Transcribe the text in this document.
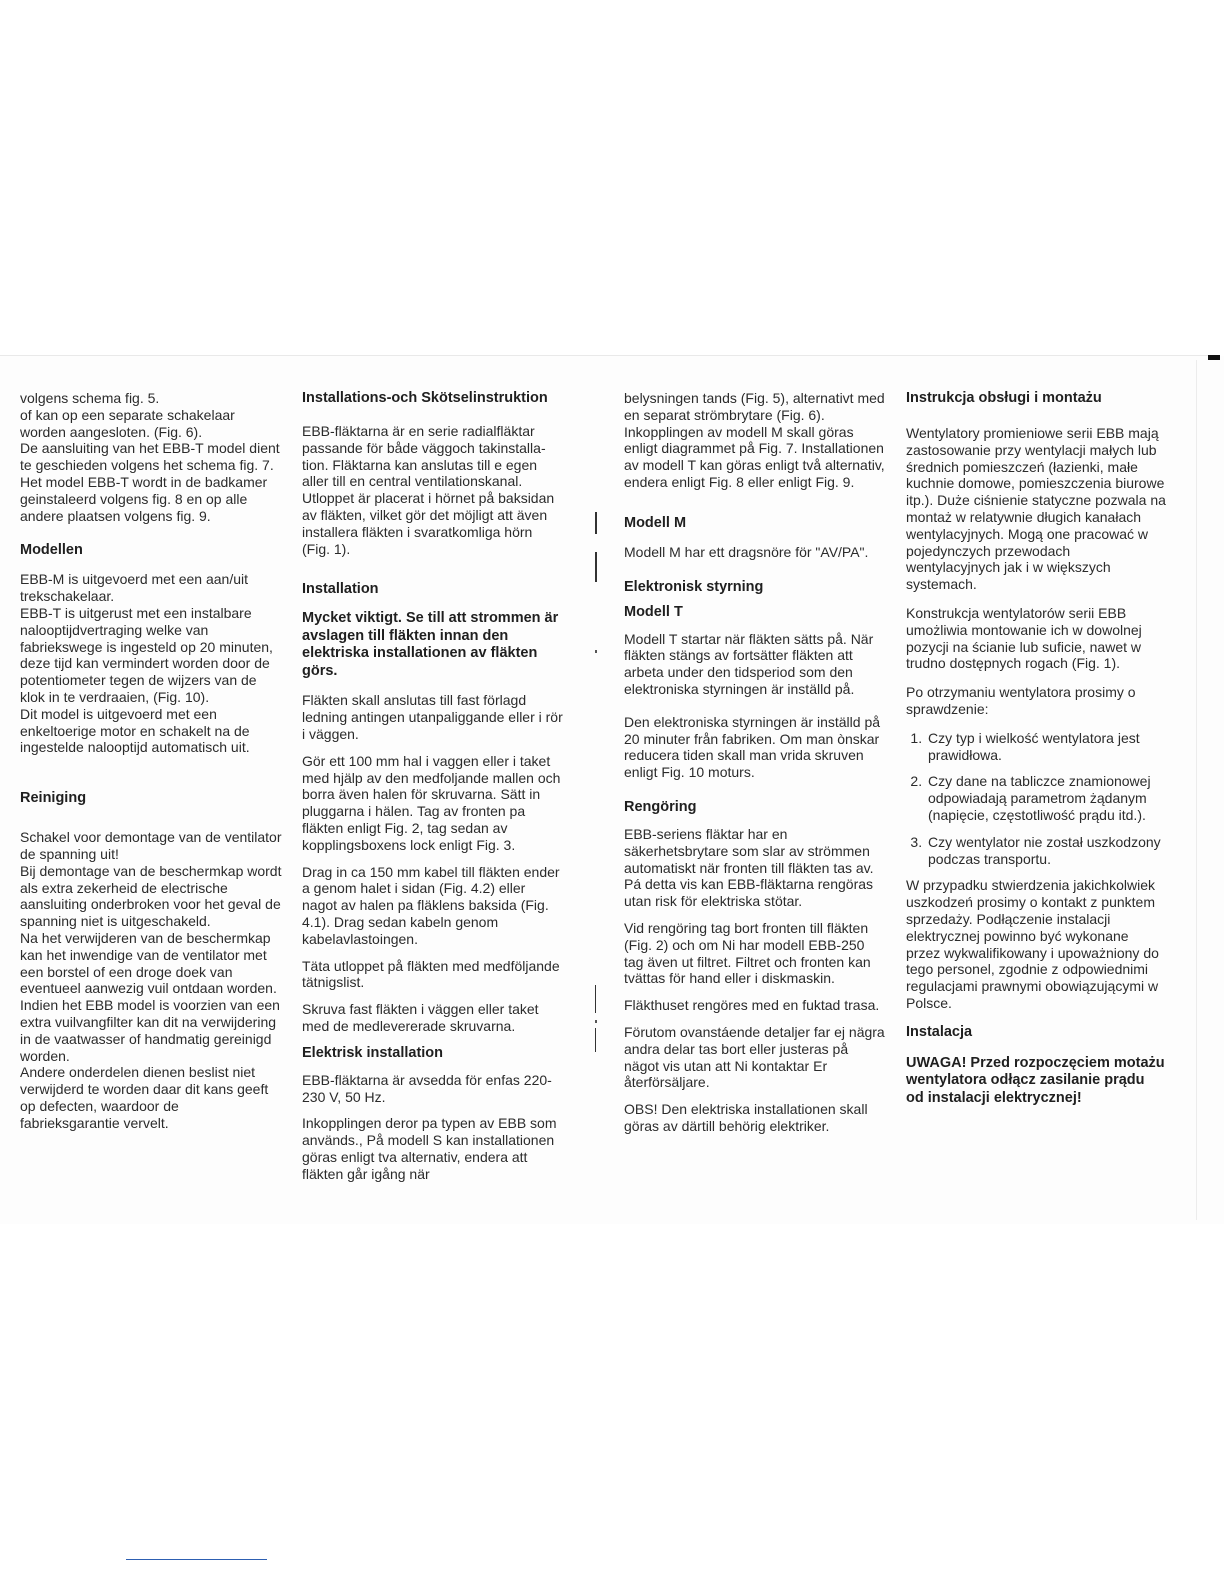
volgens schema fig. 5.
of kan op een separate schakelaar worden aangesloten. (Fig. 6).
De aansluiting van het EBB-T model dient te geschieden volgens het schema fig. 7.
Het model EBB-T wordt in de badkamer geinstaleerd volgens fig. 8 en op alle andere plaatsen volgens fig. 9.

Modellen

EBB-M is uitgevoerd met een aan/uit trekschakelaar.
EBB-T is uitgerust met een instalbare nalooptijdvertraging welke van fabriekswege is ingesteld op 20 minuten, deze tijd kan vermindert worden door de potentiometer tegen de wijzers van de klok in te verdraaien, (Fig. 10).
Dit model is uitgevoerd met een enkeltoerige motor en schakelt na de ingestelde nalooptijd automatisch uit.

Reiniging

Schakel voor demontage van de ventilator de spanning uit!
Bij demontage van de beschermkap wordt als extra zekerheid de electrische aansluiting onderbroken voor het geval de spanning niet is uitgeschakeld.
Na het verwijderen van de beschermkap kan het inwendige van de ventilator met een borstel of een droge doek van eventueel aanwezig vuil ontdaan worden.
Indien het EBB model is voorzien van een extra vuilvangfilter kan dit na verwijdering in de vaatwasser of handmatig gereinigd worden.
Andere onderdelen dienen beslist niet verwijderd te worden daar dit kans geeft op defecten, waardoor de fabrieksgarantie vervelt.

Installations-och Skötselinstruktion

EBB-fläktarna är en serie radialfläktar passande för både väggoch takinstalla-tion. Fläktarna kan anslutas till e egen aller till en central ventilationskanal. Utloppet är placerat i hörnet på baksidan av fläkten, vilket gör det möjligt att även installera fläkten i svaratkomliga hörn (Fig. 1).

Installation
Mycket viktigt. Se till att strommen är avslagen till fläkten innan den elektriska installationen av fläkten görs.

Fläkten skall anslutas till fast förlagd ledning antingen utanpaliggande eller i rör i väggen.

Gör ett 100 mm hal i vaggen eller i taket med hjälp av den medfoljande mallen och borra även halen för skruvarna. Sätt in pluggarna i hälen. Tag av fronten pa fläkten enligt Fig. 2, tag sedan av kopplingsboxens lock enligt Fig. 3.

Drag in ca 150 mm kabel till fläkten ender a genom halet i sidan (Fig. 4.2) eller nagot av halen pa fläklens baksida (Fig. 4.1). Drag sedan kabeln genom kabelavlastoingen.

Täta utloppet på fläkten med medföljande tätnigslist.

Skruva fast fläkten i väggen eller taket med de medlevererade skruvarna.

Elektrisk installation

EBB-fläktarna är avsedda för enfas 220-230 V, 50 Hz.

Inkopplingen deror pa typen av EBB som används., På modell S kan installationen göras enligt tva alternativ, endera att fläkten går igång när

belysningen tands (Fig. 5), alternativt med en separat strömbrytare (Fig. 6). Inkopplingen av modell M skall göras enligt diagrammet på Fig. 7. Installationen av modell T kan göras enligt två alternativ, endera enligt Fig. 8 eller enligt Fig. 9.

Modell M

Modell M har ett dragsnöre för "AV/PA".

Elektronisk styrning
Modell T

Modell T startar när fläkten sätts på. När fläkten stängs av fortsätter fläkten att arbeta under den tidsperiod som den elektroniska styrningen är inställd på.

Den elektroniska styrningen är inställd på 20 minuter från fabriken. Om man ònskar reducera tiden skall man vrida skruven enligt Fig. 10 moturs.

Rengöring

EBB-seriens fläktar har en säkerhetsbrytare som slar av strömmen automatiskt när fronten till fläkten tas av. Pá detta vis kan EBB-fläktarna rengöras utan risk för elektriska stötar.

Vid rengöring tag bort fronten till fläkten (Fig. 2) och om Ni har modell EBB-250 tag även ut filtret. Filtret och fronten kan tvättas för hand eller i diskmaskin.

Fläkthuset rengöres med en fuktad trasa.

Förutom ovanstáende detaljer far ej nägra andra delar tas bort eller justeras på nägot vis utan att Ni kontaktar Er återförsäljare.

OBS! Den elektriska installationen skall göras av därtill behörig elektriker.

Instrukcja obsługi i montażu

Wentylatory promieniowe serii EBB mają zastosowanie przy wentylacji małych lub średnich pomieszczeń (łazienki, małe kuchnie domowe, pomieszczenia biurowe itp.). Duże ciśnienie statyczne pozwala na montaż w relatywnie długich kanałach wentylacyjnych. Mogą one pracować w pojedynczych przewodach wentylacyjnych jak i w większych systemach.

Konstrukcja wentylatorów serii EBB umożliwia montowanie ich w dowolnej pozycji na ścianie lub suficie, nawet w trudno dostępnych rogach (Fig. 1).

Po otrzymaniu wentylatora prosimy o sprawdzenie:

1. Czy typ i wielkość wentylatora jest prawidłowa.
2. Czy dane na tabliczce znamionowej odpowiadają parametrom żądanym (napięcie, częstotliwość prądu itd.).
3. Czy wentylator nie został uszkodzony podczas transportu.

W przypadku stwierdzenia jakichkolwiek uszkodzeń prosimy o kontakt z punktem sprzedaży. Podłączenie instalacji elektrycznej powinno być wykonane przez wykwalifikowany i upoważniony do tego personel, zgodnie z odpowiednimi regulacjami prawnymi obowiązującymi w Polsce.

Instalacja
UWAGA! Przed rozpoczęciem motażu wentylatora odłącz zasilanie prądu od instalacji elektrycznej!
